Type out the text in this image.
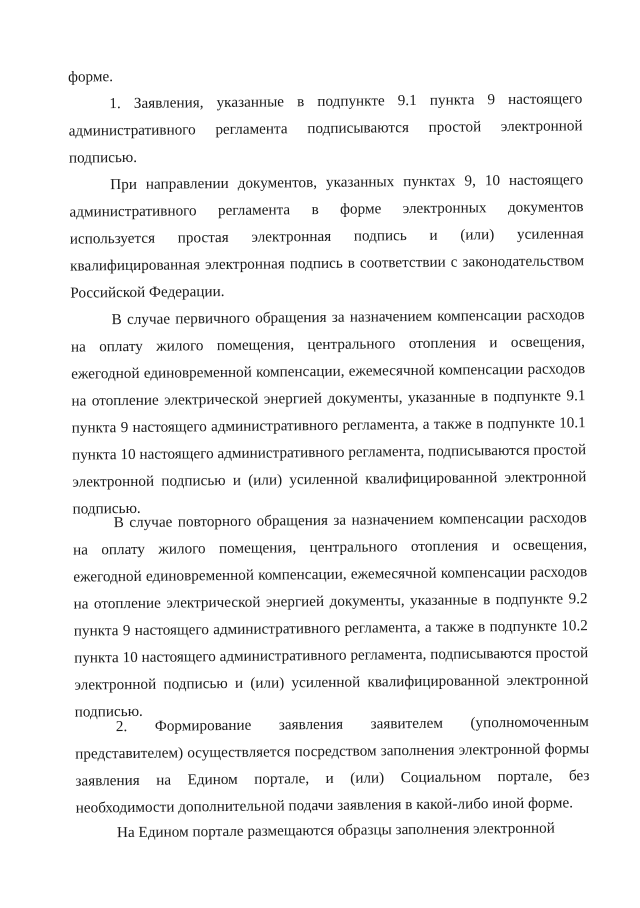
форме.

1. Заявления, указанные в подпункте 9.1 пункта 9 настоящего административного регламента подписываются простой электронной подписью.

При направлении документов, указанных пунктах 9, 10 настоящего административного регламента в форме электронных документов используется простая электронная подпись и (или) усиленная квалифицированная электронная подпись в соответствии с законодательством Российской Федерации.

В случае первичного обращения за назначением компенсации расходов на оплату жилого помещения, центрального отопления и освещения, ежегодной единовременной компенсации, ежемесячной компенсации расходов на отопление электрической энергией документы, указанные в подпункте 9.1 пункта 9 настоящего административного регламента, а также в подпункте 10.1 пункта 10 настоящего административного регламента, подписываются простой электронной подписью и (или) усиленной квалифицированной электронной подписью.

В случае повторного обращения за назначением компенсации расходов на оплату жилого помещения, центрального отопления и освещения, ежегодной единовременной компенсации, ежемесячной компенсации расходов на отопление электрической энергией документы, указанные в подпункте 9.2 пункта 9 настоящего административного регламента, а также в подпункте 10.2 пункта 10 настоящего административного регламента, подписываются простой электронной подписью и (или) усиленной квалифицированной электронной подписью.

2. Формирование заявления заявителем (уполномоченным представителем) осуществляется посредством заполнения электронной формы заявления на Едином портале, и (или) Социальном портале, без необходимости дополнительной подачи заявления в какой-либо иной форме.

На Едином портале размещаются образцы заполнения электронной
